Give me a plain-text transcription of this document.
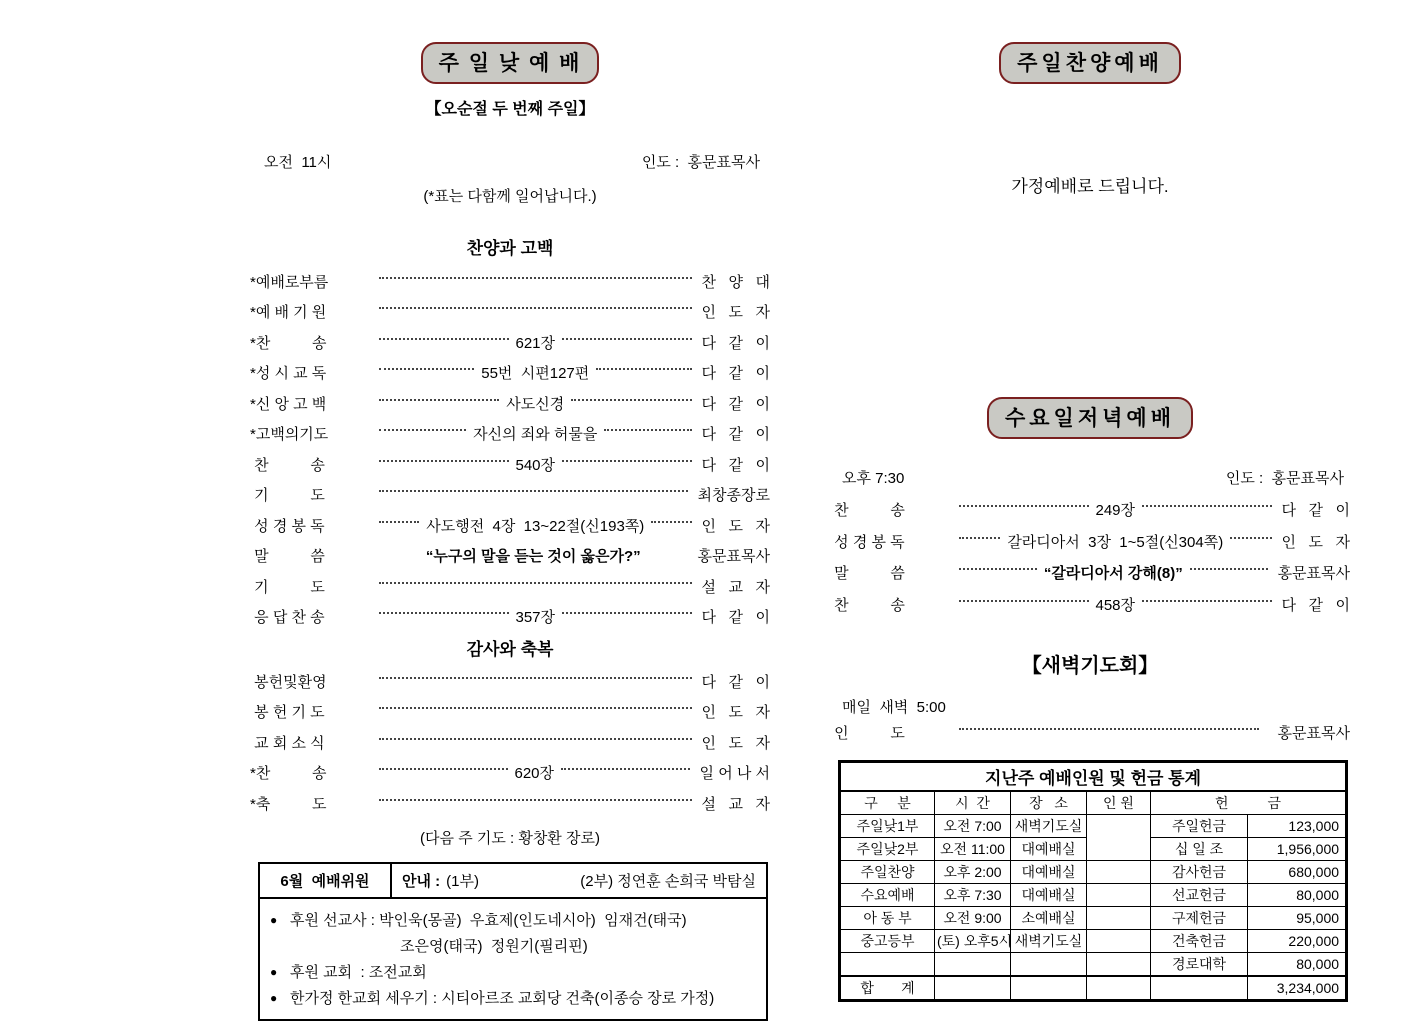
주 일 낮 예 배
【오순절 두 번째 주일】
오전  11시	인도 :  홍문표목사
(*표는 다함께 일어납니다.)
찬양과 고백
*예배로부름	찬   양   대
*예 배 기 원	인   도   자
*찬          송	621장	다   같   이
*성 시 교 독	55번  시편127편	다   같   이
*신 앙 고 백	사도신경	다   같   이
*고백의기도	자신의 죄와 허물을	다   같   이
찬          송	540장	다   같   이
기          도	최창종장로
성 경 봉 독	사도행전  4장  13~22절(신193쪽)	인   도   자
말          씀	“누구의 말을 듣는 것이 옳은가?”	홍문표목사
기          도	설   교   자
응 답 찬 송	357장	다   같   이
감사와 축복
봉헌및환영	다   같   이
봉 헌 기 도	인   도   자
교 회 소 식	인   도   자
*찬          송	620장	일 어 나 서
*축          도	설   교   자
(다음 주 기도 : 황창환 장로)
6월  예배위원	안내 : (1부)	(2부) 정연훈 손희국 박탐실
● 후원 선교사 : 박인욱(몽골)  우효제(인도네시아)  임재건(태국)
조은영(태국)  정원기(필리핀)
● 후원 교회  : 조전교회
● 한가정 한교회 세우기 : 시티아르조 교회당 건축(이종승 장로 가정)
주일찬양예배
가정예배로 드립니다.
수요일저녁예배
오후 7:30	인도 :  홍문표목사
찬          송	249장	다   같   이
성 경 봉 독	갈라디아서  3장  1~5절(신304쪽)	인   도   자
말          씀	“갈라디아서 강해(8)”	홍문표목사
찬          송	458장	다   같   이
【새벽기도회】
매일  새벽  5:00
인          도	홍문표목사
지난주 예배인원 및 헌금 통계					
구     분	시  간	장   소	인 원	헌          금	
주일낮1부	오전 7:00	새벽기도실		주일헌금	123,000
주일낮2부	오전 11:00	대예배실		십 일 조	1,956,000
주일찬양	오후 2:00	대예배실		감사헌금	680,000
수요예배	오후 7:30	대예배실		선교헌금	80,000
아 동 부	오전 9:00	소예배실		구제헌금	95,000
중고등부	(토) 오후5시	새벽기도실		건축헌금	220,000
				경로대학	80,000
합       계					3,234,000
